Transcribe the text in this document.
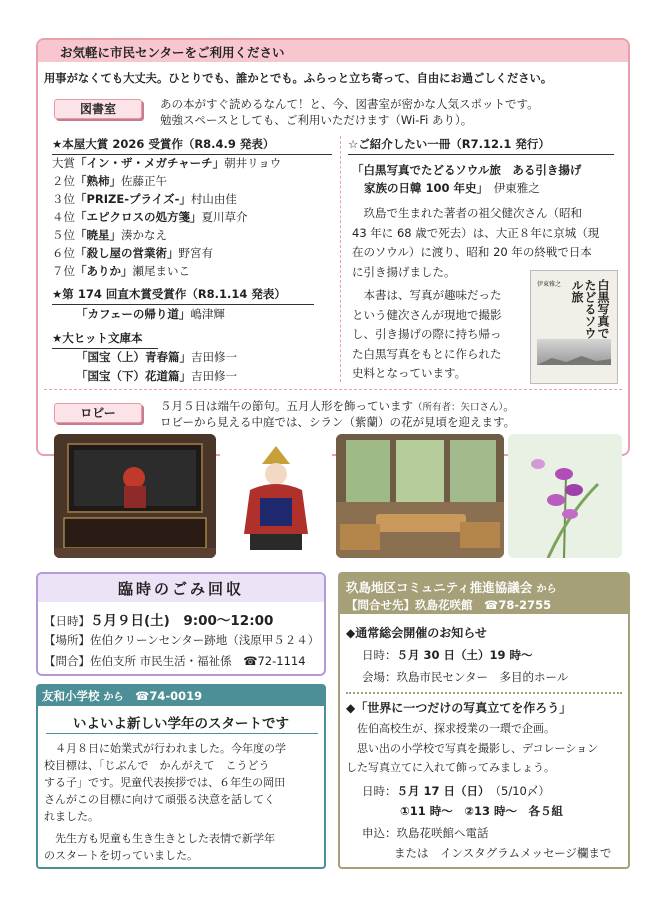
お気軽に市民センターをご利用ください
用事がなくても大丈夫。ひとりでも、誰かとでも。ふらっと立ち寄って、自由にお過ごしください。
図書室	あの本がすぐ読めるなんて！と、今、図書室が密かな人気スポットです。
勉強スペースとしても、ご利用いただけます（Wi-Fi あり）。
★本屋大賞 2026 受賞作（R8.4.9 発表）
大賞「イン・ザ・メガチャーチ」朝井リョウ
２位「熟柿」佐藤正午
３位「PRIZE-プライズ-」村山由佳
４位「エピクロスの処方箋」夏川草介
５位「暁星」湊かなえ
６位「殺し屋の営業術」野宮有
７位「ありか」瀬尾まいこ
★第 174 回直木賞受賞作（R8.1.14 発表）
「カフェーの帰り道」嶋津輝
★大ヒット文庫本
「国宝（上）青春篇」吉田修一
「国宝（下）花道篇」吉田修一
☆ご紹介したい一冊（R7.12.1 発行）
「白黒写真でたどるソウル旅　ある引き揚げ
家族の日韓 100 年史」　 伊東雅之
　玖島で生まれた著者の祖父健次さん（昭和
43 年に 68 歳で死去）は、大正８年に京城（現
在のソウル）に渡り、昭和 20 年の終戦で日本
に引き揚げました。
　本書は、写真が趣味だった
という健次さんが現地で撮影
し、引き揚げの際に持ち帰っ
た白黒写真をもとに作られた
史料となっています。
伊東雅之	白黒写真でたどるソウル旅
ロビー	５月５日は端午の節句。五月人形を飾っています（所有者：矢口さん）。
ロビーから見える中庭では、シラン（紫蘭）の花が見頃を迎えます。
臨時のごみ回収
【日時】５月９日(土)　9:00～12:00
【場所】佐伯クリーンセンター跡地（浅原甲５２４）
【問合】佐伯支所 市民生活・福祉係　 ☎72-1114
友和小学校 から　 ☎74-0019
いよいよ新しい学年のスタートです
　４月８日に始業式が行われました。今年度の学
校目標は、「じぶんで　かんがえて　こうどう
する子」です。児童代表挨拶では、６年生の岡田
さんがこの目標に向けて頑張る決意を話してく
れました。
　先生方も児童も生き生きとした表情で新学年
のスタートを切っていました。
玖島地区コミュニティ推進協議会 から
【問合せ先】玖島花咲館　 ☎78-2755
◆通常総会開催のお知らせ
日時：５月 30 日（土）19 時～
会場：玖島市民センター　多目的ホール
◆「世界に一つだけの写真立てを作ろう」
　佐伯高校生が、探求授業の一環で企画。
　思い出の小学校で写真を撮影し、デコレーション
した写真立てに入れて飾ってみましょう。
日時：５月 17 日（日）　 （5/10〆）
①11 時～　②13 時～　各５組
申込：玖島花咲館へ電話
または　インスタグラムメッセージ欄まで
